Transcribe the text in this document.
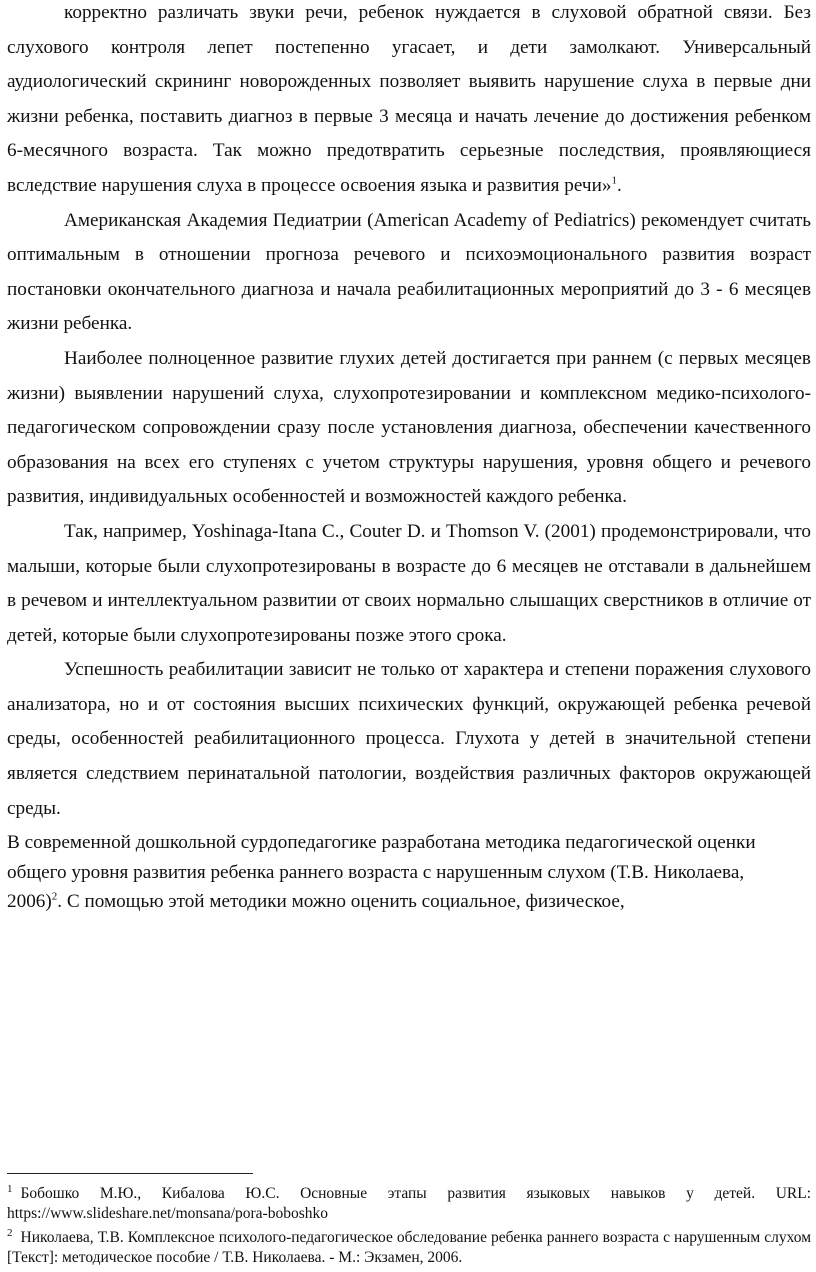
корректно различать звуки речи, ребенок нуждается в слуховой обратной связи. Без слухового контроля лепет постепенно угасает, и дети замолкают. Универсальный аудиологический скрининг новорожденных позволяет выявить нарушение слуха в первые дни жизни ребенка, поставить диагноз в первые 3 месяца и начать лечение до достижения ребенком 6-месячного возраста. Так можно предотвратить серьезные последствия, проявляющиеся вследствие нарушения слуха в процессе освоения языка и развития речи»$^1$.

Американская Академия Педиатрии (American Academy of Pediatrics) рекомендует считать оптимальным в отношении прогноза речевого и психоэмоционального развития возраст постановки окончательного диагноза и начала реабилитационных мероприятий до 3 - 6 месяцев жизни ребенка.

Наиболее полноценное развитие глухих детей достигается при раннем (с первых месяцев жизни) выявлении нарушений слуха, слухопротезировании и комплексном медико-психолого-педагогическом сопровождении сразу после установления диагноза, обеспечении качественного образования на всех его ступенях с учетом структуры нарушения, уровня общего и речевого развития, индивидуальных особенностей и возможностей каждого ребенка.

Так, например, Yoshinaga-Itana C., Couter D. и Thomson V. (2001) продемонстрировали, что малыши, которые были слухопротезированы в возрасте до 6 месяцев не отставали в дальнейшем в речевом и интеллектуальном развитии от своих нормально слышащих сверстников в отличие от детей, которые были слухопротезированы позже этого срока.

Успешность реабилитации зависит не только от характера и степени поражения слухового анализатора, но и от состояния высших психических функций, окружающей ребенка речевой среды, особенностей реабилитационного процесса. Глухота у детей в значительной степени является следствием перинатальной патологии, воздействия различных факторов окружающей среды.

В современной дошкольной сурдопедагогике разработана методика педагогической оценки общего уровня развития ребенка раннего возраста с нарушенным слухом (Т.В. Николаева, 2006)$^2$. С помощью этой методики можно оценить социальное, физическое,

$^1$ Бобошко М.Ю., Кибалова Ю.С. Основные этапы развития языковых навыков у детей. URL: https://www.slideshare.net/monsana/pora-boboshko

$^2$ Николаева, Т.В. Комплексное психолого-педагогическое обследование ребенка раннего возраста с нарушенным слухом [Текст]: методическое пособие / Т.В. Николаева. - М.: Экзамен, 2006.
